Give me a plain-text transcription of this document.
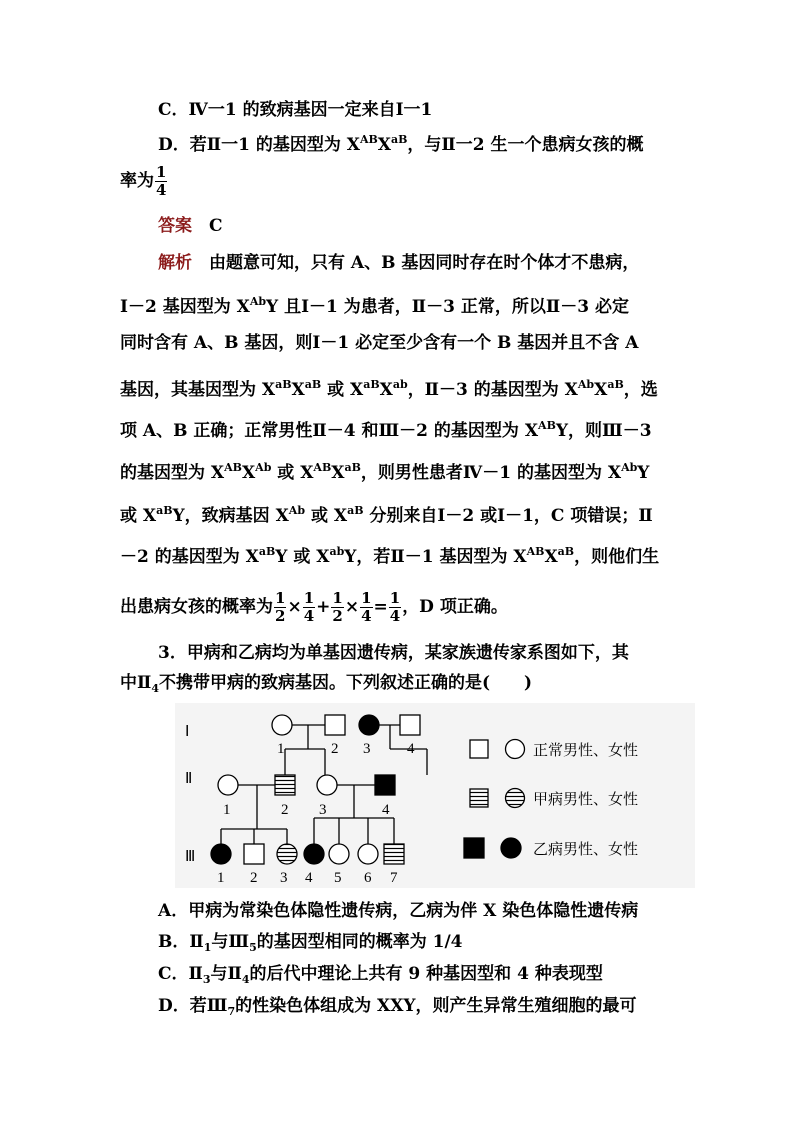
C．Ⅳ一1 的致病基因一定来自Ⅰ一1
D．若Ⅱ一1 的基因型为 $X^{AB}X^{aB}$，与Ⅱ一2 生一个患病女孩的概
率为 $\frac{1}{4}$
答案　 C
解析　 由题意可知，只有 A、B 基因同时存在时个体才不患病，
Ⅰ－2 基因型为 $X^{Ab}Y$ 且Ⅰ－1 为患者，Ⅱ－3 正常，所以Ⅱ－3 必定
同时含有 A、B 基因，则Ⅰ－1 必定至少含有一个 B 基因并且不含 A
基因，其基因型为 $X^{aB}X^{aB}$ 或 $X^{aB}X^{ab}$，Ⅱ－3 的基因型为 $X^{Ab}X^{aB}$，选
项 A、B 正确；正常男性Ⅱ－4 和Ⅲ－2 的基因型为 $X^{AB}Y$，则Ⅲ－3
的基因型为 $X^{AB}X^{Ab}$ 或 $X^{AB}X^{aB}$，则男性患者Ⅳ－1 的基因型为 $X^{Ab}Y$
或 $X^{aB}Y$，致病基因 $X^{Ab}$ 或 $X^{aB}$ 分别来自Ⅰ－2 或Ⅰ－1，C 项错误；Ⅱ
－2 的基因型为 $X^{aB}Y$ 或 $X^{ab}Y$，若Ⅱ－1 基因型为 $X^{AB}X^{aB}$，则他们生
出患病女孩的概率为 $\frac{1}{2} \times \frac{1}{4} + \frac{1}{2} \times \frac{1}{4} = \frac{1}{4}$ ，D 项正确。
3．甲病和乙病均为单基因遗传病，某家族遗传家系图如下，其
中$Ⅱ_4$不携带甲病的致病基因。下列叙述正确的是(　　)
Ⅰ
Ⅱ
Ⅲ
1	2 3 4
1	2 3	4
1 2 3 4 5 6 7
正常男性、女性
甲病男性、女性
乙病男性、女性
A．甲病为常染色体隐性遗传病，乙病为伴 X 染色体隐性遗传病
B．$Ⅱ_1$与$Ⅲ_5$的基因型相同的概率为 1/4
C．$Ⅱ_3$与$Ⅱ_4$的后代中理论上共有 9 种基因型和 4 种表现型
D．若$Ⅲ_7$的性染色体组成为 XXY，则产生异常生殖细胞的最可
